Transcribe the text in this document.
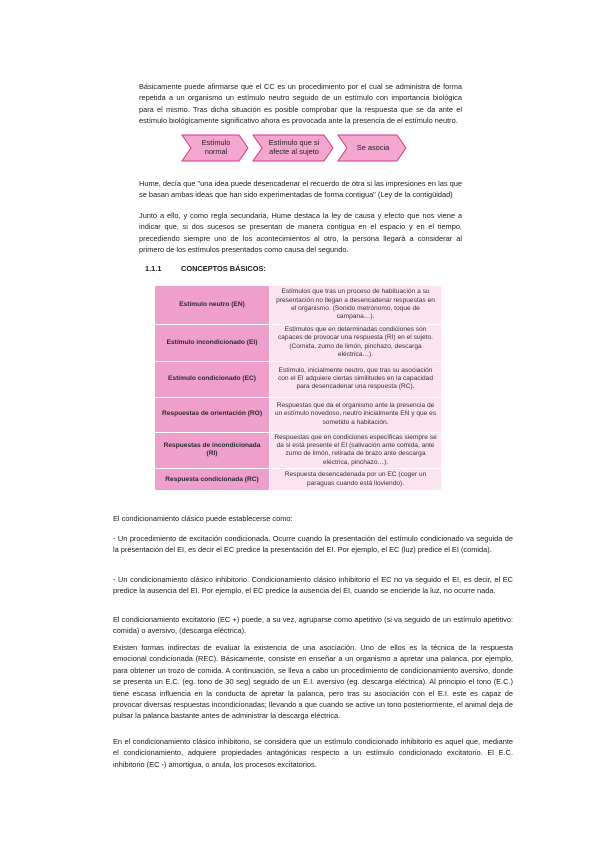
Básicamente puede afirmarse que el CC es un procedimiento por el cual se administra de forma repetida a un organismo un estímulo neutro seguido de un estímulo con importancia biológica para el mismo. Tras dicha situación es posible comprobar que la respuesta que se da ante el estímulo biológicamente significativo ahora es provocada ante la presencia de el estímulo neutro.

Estímulo normal
Estímulo que si afecte al sujeto	Se asocia

Hume, decía que "una idea puede desencadenar el recuerdo de otra si las impresiones en las que se basan ambas ideas que han sido experimentadas de forma contigua" (Ley de la contigüidad)

Junto a ello, y como regla secundaria, Hume destaca la ley de causa y efecto que nos viene a indicar que, si dos sucesos se presentan de manera contigua en el espacio y en el tiempo, precediendo siempre uno de los acontecimientos al otro, la persona llegará a considerar al primero de los estímulos presentados como causa del segundo.

1.1.1	CONCEPTOS BÁSICOS:
Estímulo neutro (EN)	Estímulos que tras un proceso de habituación a su presentación no llegan a desencadenar respuestas en el organismo. (Sonido metrónomo, toque de campana…).
Estímulo incondicionado (EI)	Estímulos que en determinadas condiciones son capaces de provocar una respuesta (RI) en el sujeto. (Comida, zumo de limón, pinchazo, descarga eléctrica…).
Estímulo condicionado (EC)	Estímulo, inicialmente neutro, que tras su asociación con el EI adquiere ciertas similitudes en la capacidad para desencadenar una respuesta (RC).
Respuestas de orientación (RO)	Respuestas que da el organismo ante la presencia de un estímulo novedoso, neutro inicialmente EN y que es sometido a habitación.
Respuestas de incondicionada (RI)	Respuestas que en condiciones específicas siempre se da si está presente el EI (salivación ante comida, ante zumo de limón, retirada de brazo ante descarga eléctrica, pinchazo…).
Respuesta condicionada (RC)	Respuesta desencadenada por un EC (coger un paraguas cuando está lloviendo).

El condicionamiento clásico puede establecerse como:

- Un procedimiento de excitación condicionada. Ocurre cuando la presentación del estímulo condicionado va seguida de la presentación del EI, es decir el EC predice la presentación del EI. Por ejemplo, el EC (luz) predice el EI (comida).

- Un condicionamiento clásico inhibitorio. Condicionamiento clásico inhibitorio el EC no va seguido el EI, es decir, el EC predice la ausencia del EI. Por ejemplo, el EC predice la ausencia del EI, cuando se enciende la luz, no ocurre nada.

El condicionamiento excitatorio (EC +) puede, a su vez, agruparse como apetitivo (si va seguido de un estímulo apetitivo: comida) o aversivo, (descarga eléctrica).

Existen formas indirectas de evaluar la existencia de una asociación. Uno de ellos es la técnica de la respuesta emocional condicionada (REC). Básicamente, consiste en enseñar a un organismo a apretar una palanca, por ejemplo, para obtener un trozo de comida. A continuación, se lleva a cabo un procedimiento de condicionamiento aversivo, donde se presenta un E.C. (eg. tono de 30 seg) seguido de un E.I. aversivo (eg. descarga eléctrica). Al principio el tono (E.C.) tiene escasa influencia en la conducta de apretar la palanca, pero tras su asociación con el E.I. este es capaz de provocar diversas respuestas incondicionadas; llevando a que cuando se active un tono posteriormente, el animal deja de pulsar la palanca bastante antes de administrar la descarga eléctrica.

En el condicionamiento clásico inhibitorio, se considera que un estímulo condicionado inhibitorio es aquel que, mediante el condicionamiento, adquiere propiedades antagónicas respecto a un estímulo condicionado excitatorio. El E.C. inhibitorio (EC -) amortigua, o anula, los procesos excitatorios.
